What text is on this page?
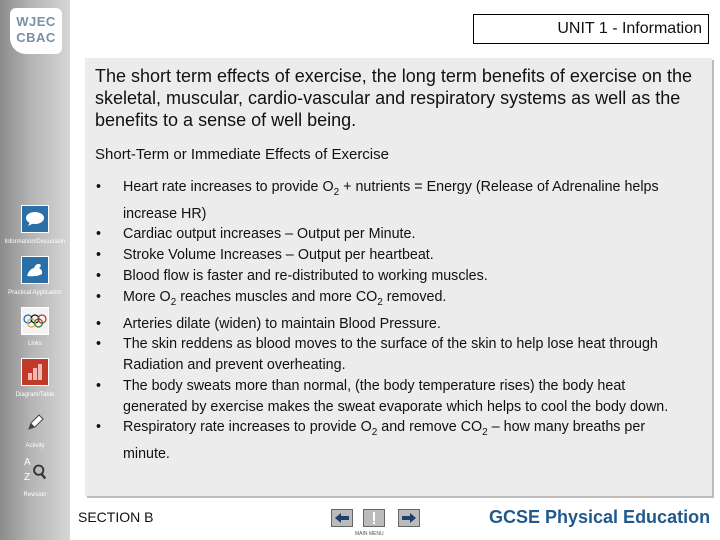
WJEC
CBAC
Information/Discussion
Practical Application
Links
Diagram/Table
Activity
A
Z
Revision
UNIT 1 - Information
The short term effects of exercise, the long term benefits of exercise on the skeletal, muscular, cardio-vascular and respiratory systems as well as the benefits to a sense of well being.
Short-Term or Immediate Effects of Exercise
• Heart rate increases to provide $O_2$ + nutrients = Energy (Release of Adrenaline helps increase HR)
• Cardiac output increases – Output per Minute.
• Stroke Volume Increases – Output per heartbeat.
• Blood flow is faster and re-distributed to working muscles.
• More $O_2$ reaches muscles and more $CO_2$ removed.
• Arteries dilate (widen) to maintain Blood Pressure.
• The skin reddens as blood moves to the surface of the skin to help lose heat through Radiation and prevent overheating.
• The body sweats more than normal, (the body temperature rises) the body heat generated by exercise makes the sweat evaporate which helps to cool the body down.
• Respiratory rate increases to provide $O_2$ and remove $CO_2$ – how many breaths per minute.
SECTION B
MAIN MENU
GCSE Physical Education
